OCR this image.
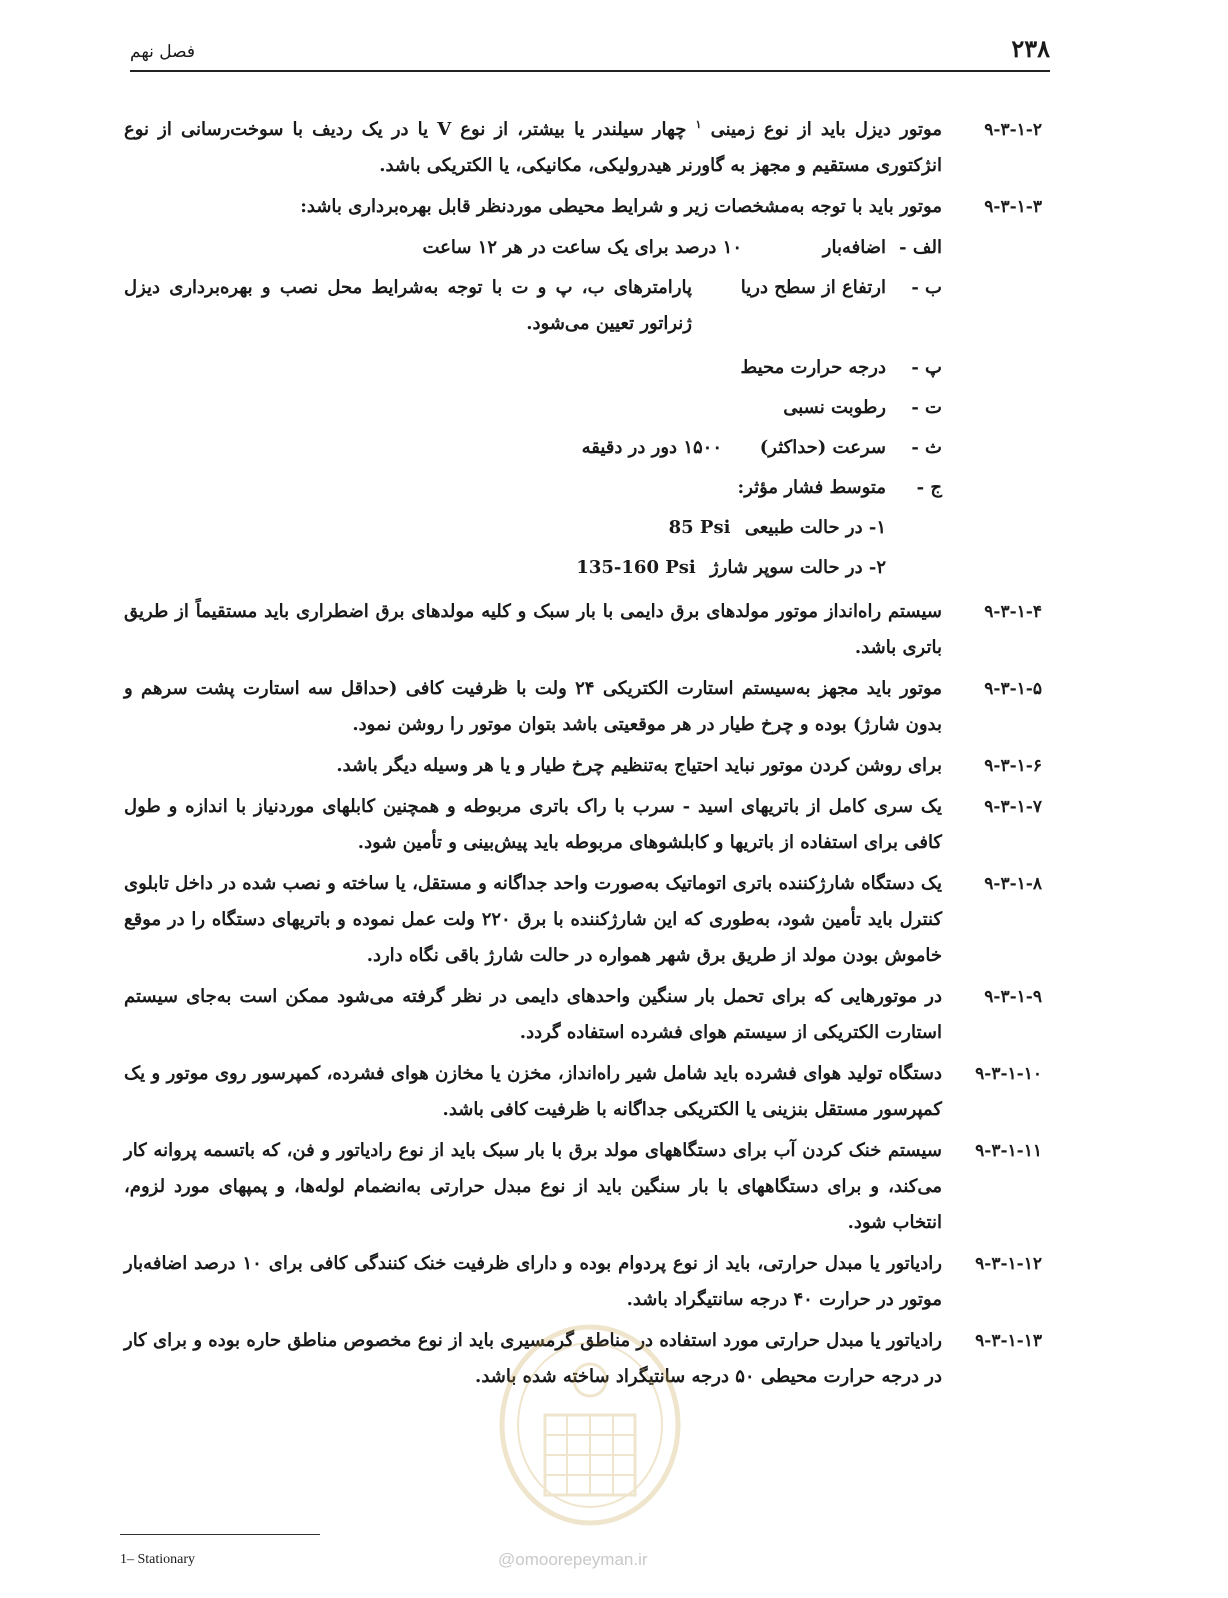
۲۳۸
فصل نهم
۹-۳-۱-۲
موتور دیزل باید از نوع زمینی $^۱$ چهار سیلندر یا بیشتر، از نوع V یا در یک ردیف با سوخت‌رسانی از نوع انژکتوری مستقیم و مجهز به گاورنر هیدرولیکی، مکانیکی، یا الکتریکی باشد.
۹-۳-۱-۳
موتور باید با توجه به‌مشخصات زیر و شرایط محیطی موردنظر قابل بهره‌برداری باشد:
الف -
اضافه‌بار
۱۰ درصد برای یک ساعت در هر ۱۲ ساعت
ب -
ارتفاع از سطح دریا
پارامترهای ب، پ و ت با توجه به‌شرایط محل نصب و بهره‌برداری دیزل ژنراتور تعیین می‌شود.
پ -
درجه حرارت محیط
ت -
رطوبت نسبی
ث -
سرعت (حداکثر)
۱۵۰۰ دور در دقیقه
ج -
متوسط فشار مؤثر:
۱- در حالت طبیعی 85 Psi
۲- در حالت سوپر شارژ 135-160 Psi
۹-۳-۱-۴
سیستم راه‌انداز موتور مولدهای برق دایمی با بار سبک و کلیه مولدهای برق اضطراری باید مستقیماً از طریق باتری باشد.
۹-۳-۱-۵
موتور باید مجهز به‌سیستم استارت الکتریکی ۲۴ ولت با ظرفیت کافی (حداقل سه استارت پشت سرهم و بدون شارژ) بوده و چرخ طیار در هر موقعیتی باشد بتوان موتور را روشن نمود.
۹-۳-۱-۶
برای روشن کردن موتور نباید احتیاج به‌تنظیم چرخ طیار و یا هر وسیله دیگر باشد.
۹-۳-۱-۷
یک سری کامل از باتریهای اسید - سرب با راک باتری مربوطه و همچنین کابلهای موردنیاز با اندازه و طول کافی برای استفاده از باتریها و کابلشوهای مربوطه باید پیش‌بینی و تأمین شود.
۹-۳-۱-۸
یک دستگاه شارژکننده باتری اتوماتیک به‌صورت واحد جداگانه و مستقل، یا ساخته و نصب شده در داخل تابلوی کنترل باید تأمین شود، به‌طوری که این شارژکننده با برق ۲۲۰ ولت عمل نموده و باتریهای دستگاه را در موقع خاموش بودن مولد از طریق برق شهر همواره در حالت شارژ باقی نگاه دارد.
۹-۳-۱-۹
در موتورهایی که برای تحمل بار سنگین واحدهای دایمی در نظر گرفته می‌شود ممکن است به‌جای سیستم استارت الکتریکی از سیستم هوای فشرده استفاده گردد.
۹-۳-۱-۱۰
دستگاه تولید هوای فشرده باید شامل شیر راه‌انداز، مخزن یا مخازن هوای فشرده، کمپرسور روی موتور و یک کمپرسور مستقل بنزینی یا الکتریکی جداگانه با ظرفیت کافی باشد.
۹-۳-۱-۱۱
سیستم خنک کردن آب برای دستگاههای مولد برق با بار سبک باید از نوع رادیاتور و فن، که باتسمه پروانه کار می‌کند، و برای دستگاههای با بار سنگین باید از نوع مبدل حرارتی به‌انضمام لوله‌ها، و پمپهای مورد لزوم، انتخاب شود.
۹-۳-۱-۱۲
رادیاتور یا مبدل حرارتی، باید از نوع پردوام بوده و دارای ظرفیت خنک کنندگی کافی برای ۱۰ درصد اضافه‌بار موتور در حرارت ۴۰ درجه سانتیگراد باشد.
۹-۳-۱-۱۳
رادیاتور یا مبدل حرارتی مورد استفاده در مناطق گرمسیری باید از نوع مخصوص مناطق حاره بوده و برای کار در درجه حرارت محیطی ۵۰ درجه سانتیگراد ساخته شده باشد.
1– Stationary	@omoorepeyman.ir
